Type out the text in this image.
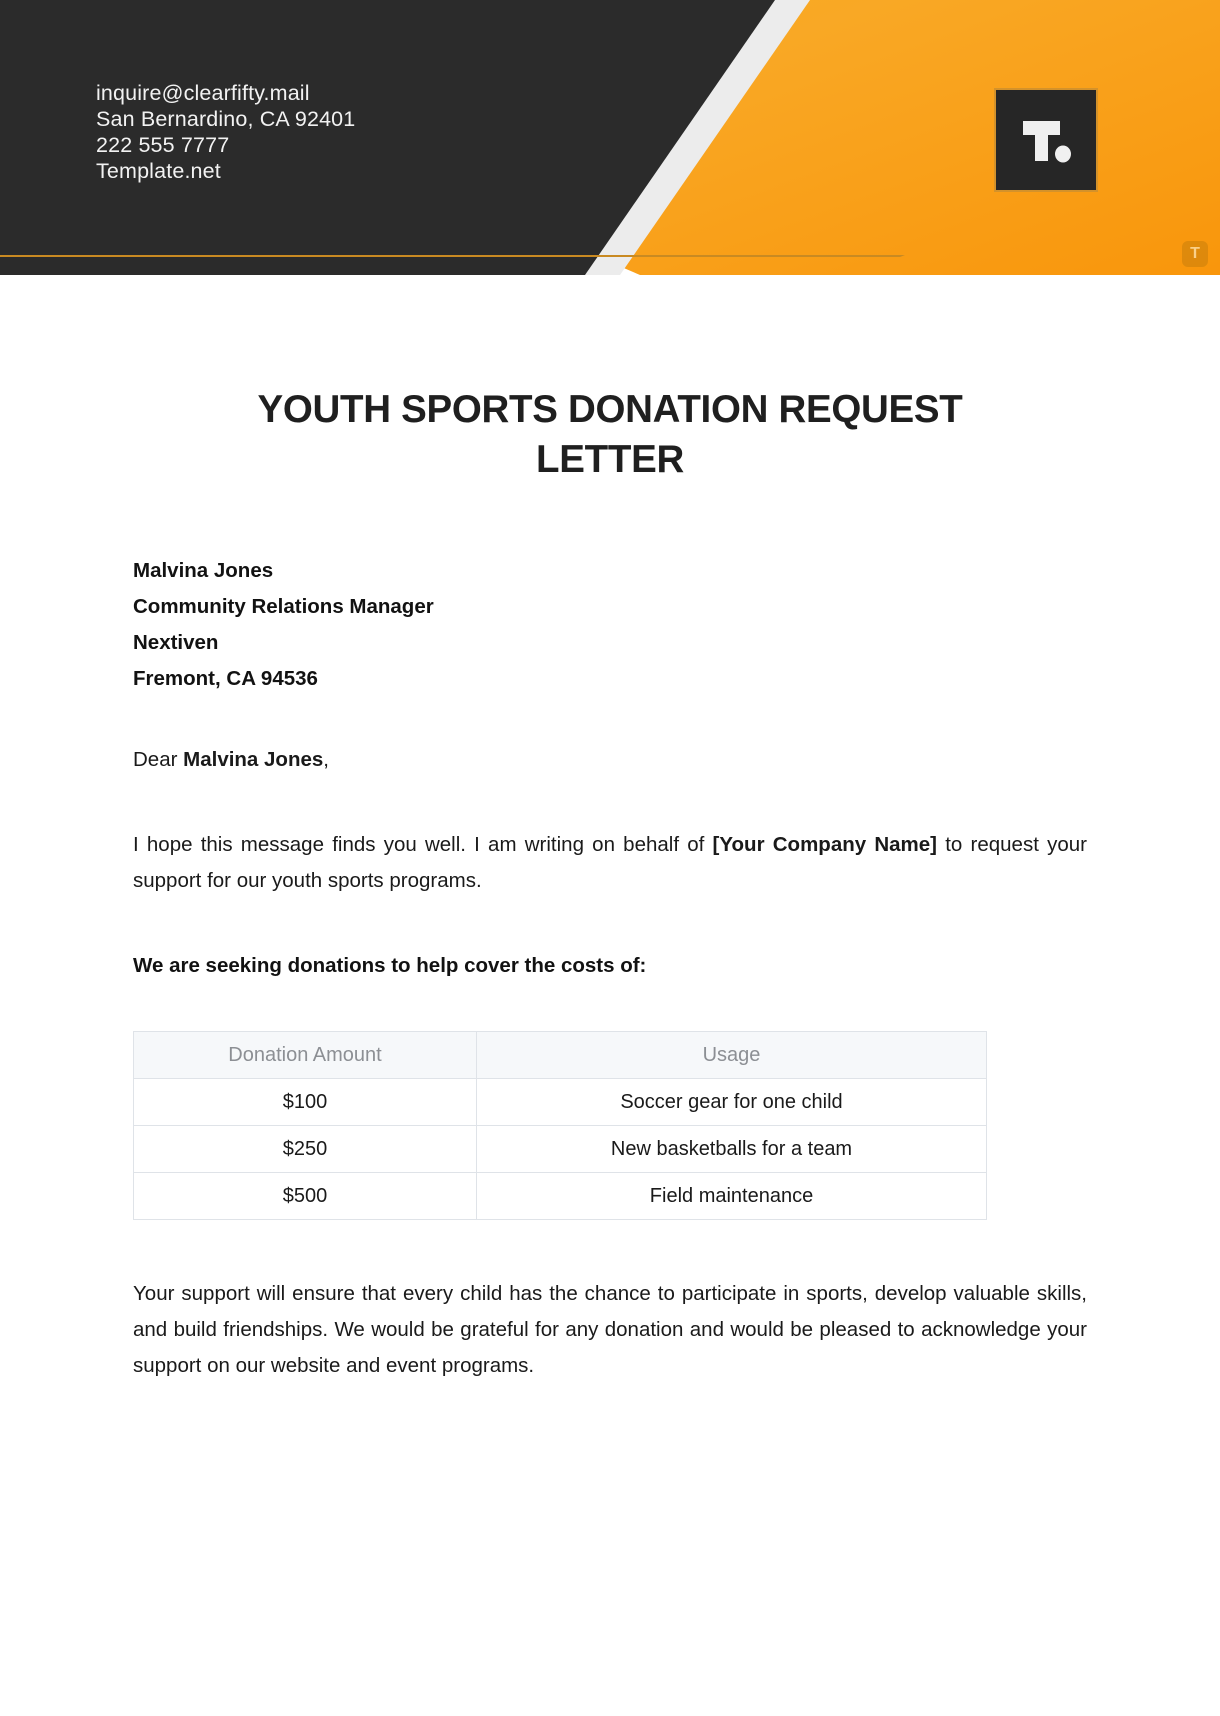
inquire@clearfifty.mail
San Bernardino, CA 92401
222 555 7777
Template.net
T
YOUTH SPORTS DONATION REQUEST LETTER
Malvina Jones
Community Relations Manager
Nextiven
Fremont, CA 94536
Dear Malvina Jones,

I hope this message finds you well. I am writing on behalf of [Your Company Name] to request your support for our youth sports programs.

We are seeking donations to help cover the costs of:
Donation Amount	Usage
$100	Soccer gear for one child
$250	New basketballs for a team
$500	Field maintenance

Your support will ensure that every child has the chance to participate in sports, develop valuable skills, and build friendships. We would be grateful for any donation and would be pleased to acknowledge your support on our website and event programs.
